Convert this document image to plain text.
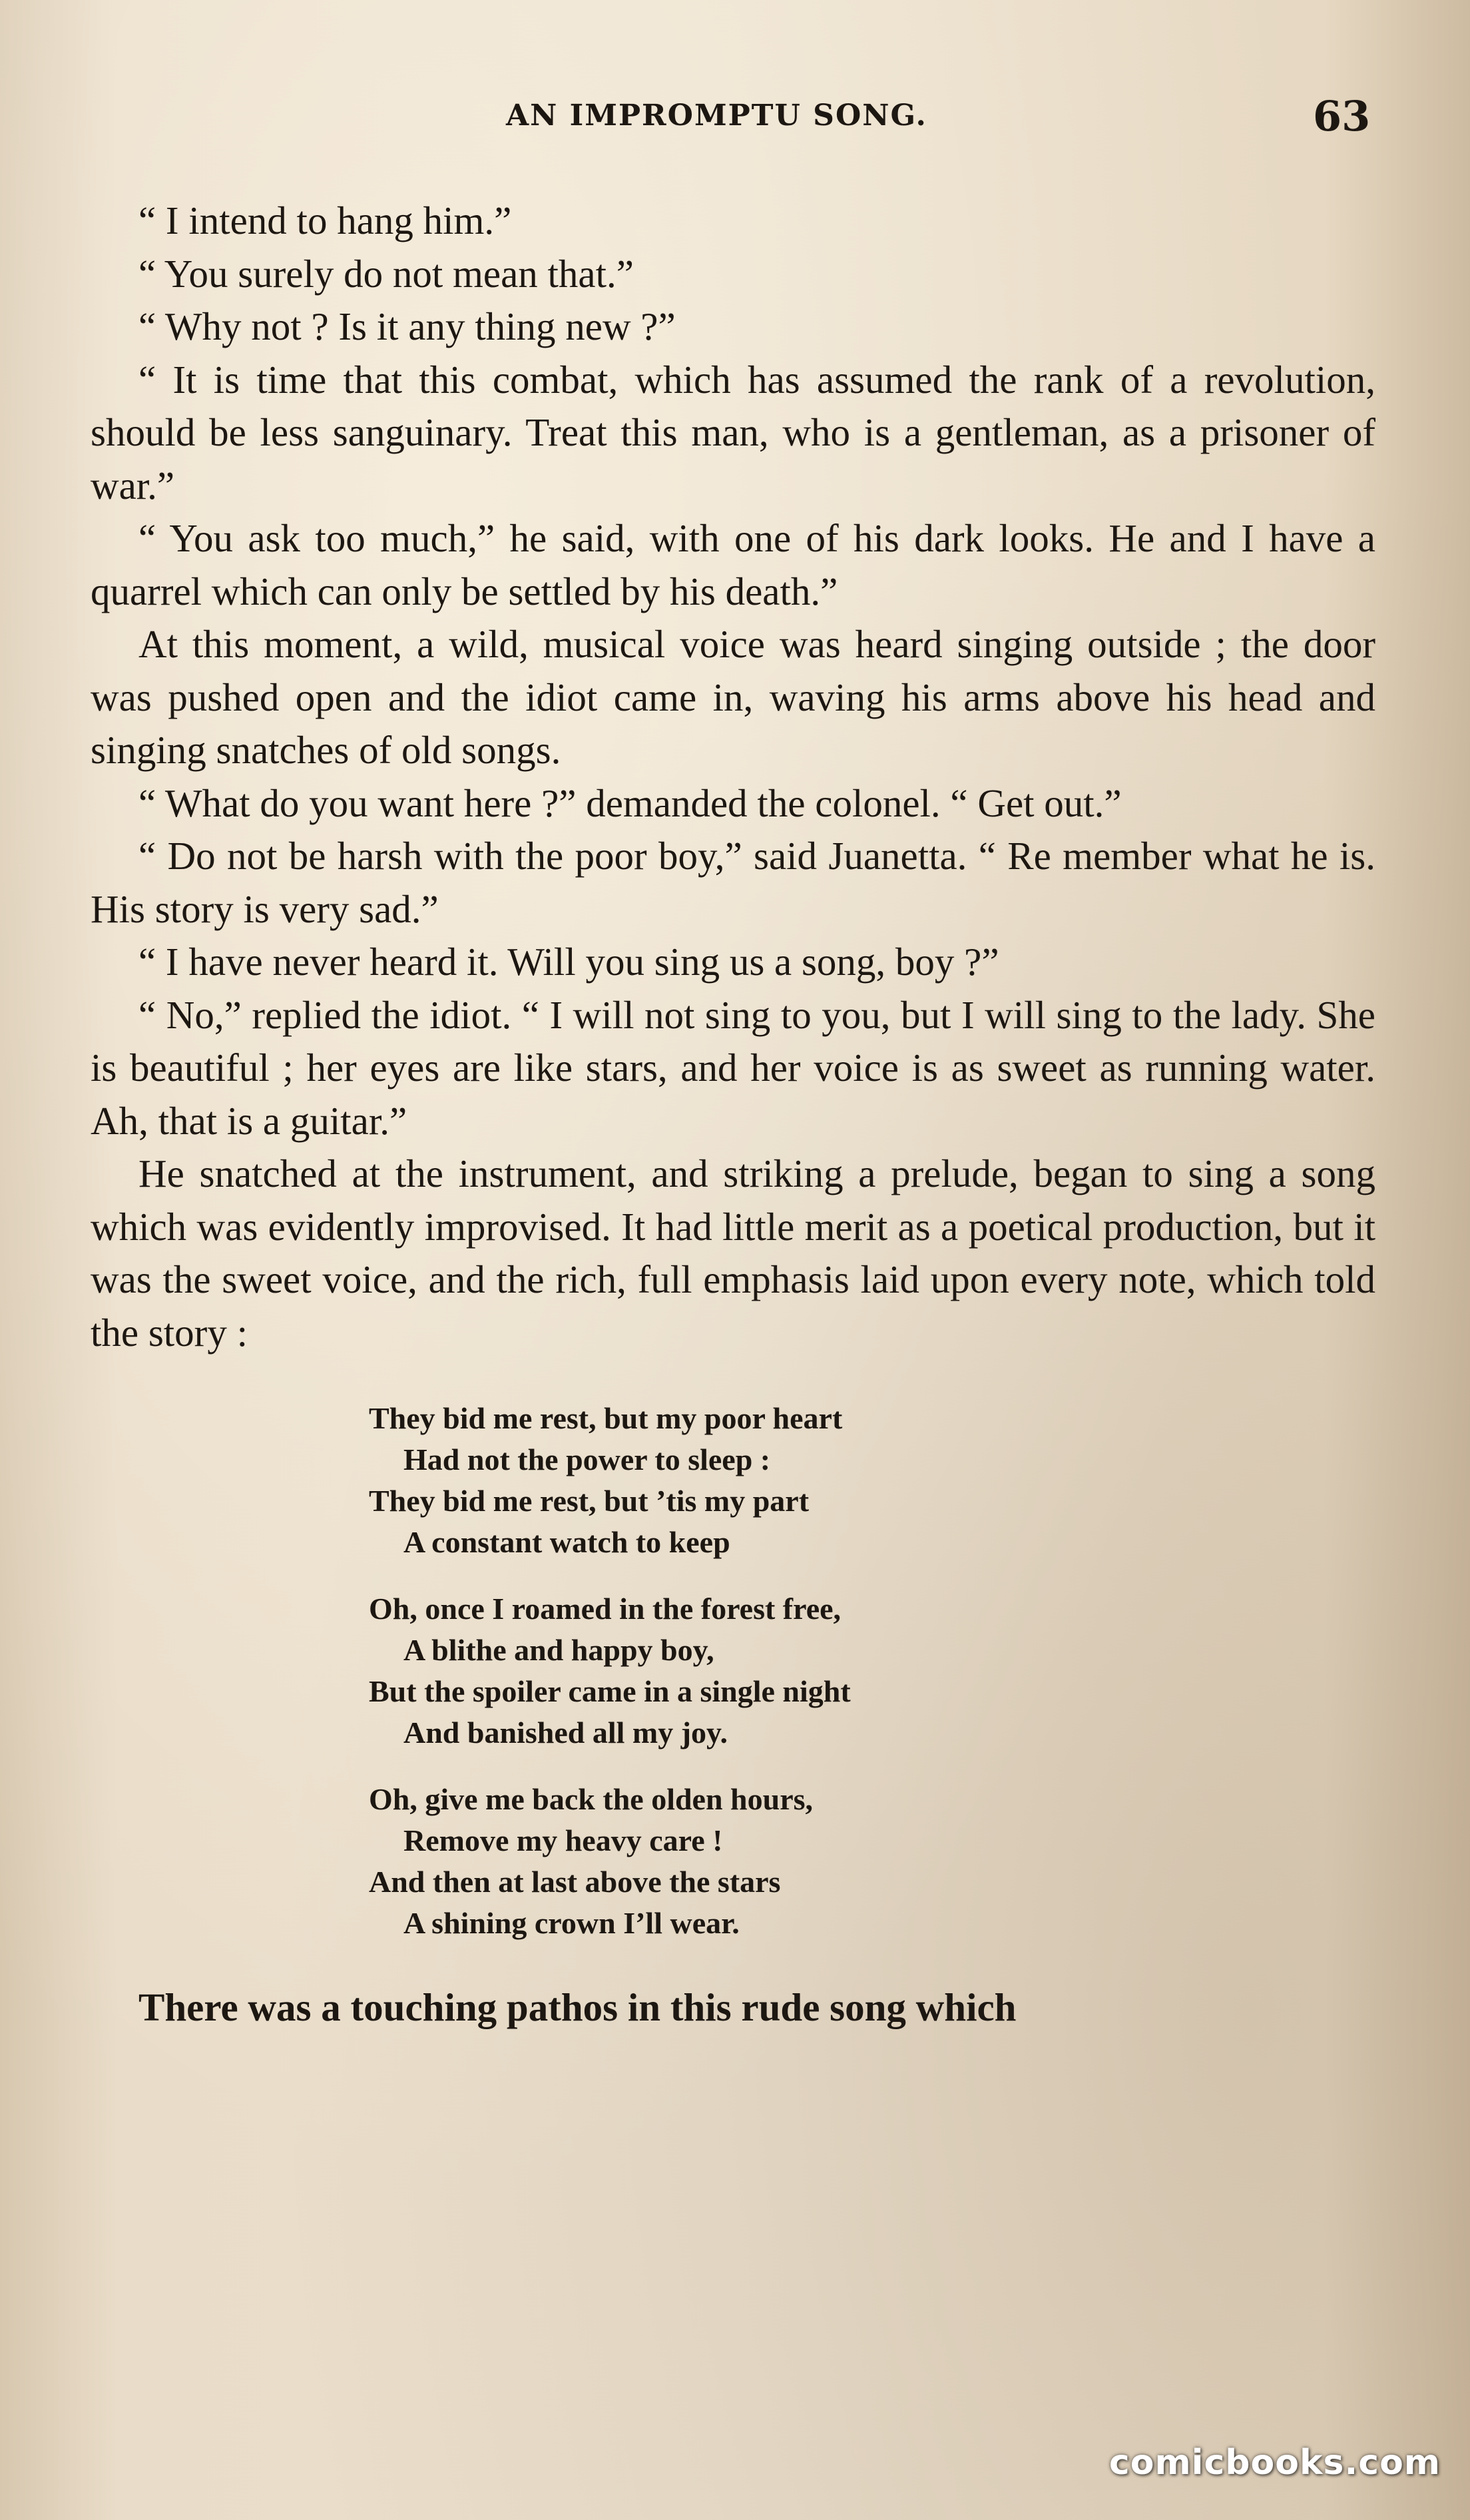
AN IMPROMPTU SONG.	63

“ I intend to hang him.”

“ You surely do not mean that.”

“ Why not ? Is it any thing new ?”

“ It is time that this combat, which has assumed the rank of a revolution, should be less sanguinary. Treat this man, who is a gentleman, as a prisoner of war.”

“ You ask too much,” he said, with one of his dark looks. He and I have a quarrel which can only be settled by his death.”

At this moment, a wild, musical voice was heard singing outside ; the door was pushed open and the idiot came in, waving his arms above his head and singing snatches of old songs.

“ What do you want here ?” demanded the colonel. “ Get out.”

“ Do not be harsh with the poor boy,” said Juanetta. “ Re member what he is. His story is very sad.”

“ I have never heard it. Will you sing us a song, boy ?”

“ No,” replied the idiot. “ I will not sing to you, but I will sing to the lady. She is beautiful ; her eyes are like stars, and her voice is as sweet as running water. Ah, that is a guitar.”

He snatched at the instrument, and striking a prelude, began to sing a song which was evidently improvised. It had little merit as a poetical production, but it was the sweet voice, and the rich, full emphasis laid upon every note, which told the story :

They bid me rest, but my poor heart
Had not the power to sleep :
They bid me rest, but ’tis my part
A constant watch to keep
Oh, once I roamed in the forest free,
A blithe and happy boy,
But the spoiler came in a single night
And banished all my joy.
Oh, give me back the olden hours,
Remove my heavy care !
And then at last above the stars
A shining crown I’ll wear.

There was a touching pathos in this rude song which

comicbooks.com
